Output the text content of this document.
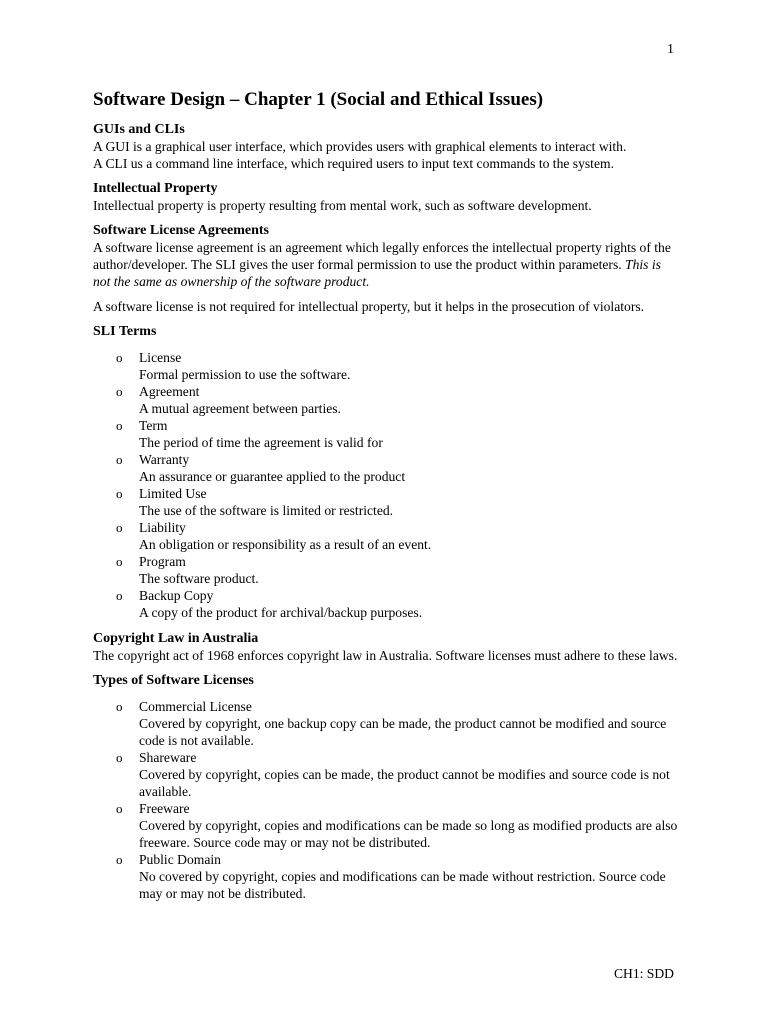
1
Software Design – Chapter 1 (Social and Ethical Issues)
GUIs and CLIs

A GUI is a graphical user interface, which provides users with graphical elements to interact with.

A CLI us a command line interface, which required users to input text commands to the system.

Intellectual Property

Intellectual property is property resulting from mental work, such as software development.

Software License Agreements

A software license agreement is an agreement which legally enforces the intellectual property rights of the author/developer. The SLI gives the user formal permission to use the product within parameters. This is not the same as ownership of the software product.

A software license is not required for intellectual property, but it helps in the prosecution of violators.

SLI Terms
o License
Formal permission to use the software.
o Agreement
A mutual agreement between parties.
o Term
The period of time the agreement is valid for
o Warranty
An assurance or guarantee applied to the product
o Limited Use
The use of the software is limited or restricted.
o Liability
An obligation or responsibility as a result of an event.
o Program
The software product.
o Backup Copy
A copy of the product for archival/backup purposes.
Copyright Law in Australia

The copyright act of 1968 enforces copyright law in Australia. Software licenses must adhere to these laws.

Types of Software Licenses
o Commercial License
Covered by copyright, one backup copy can be made, the product cannot be modified and source code is not available.
o Shareware
Covered by copyright, copies can be made, the product cannot be modifies and source code is not available.
o Freeware
Covered by copyright, copies and modifications can be made so long as modified products are also freeware. Source code may or may not be distributed.
o Public Domain
No covered by copyright, copies and modifications can be made without restriction. Source code may or may not be distributed.
CH1: SDD
